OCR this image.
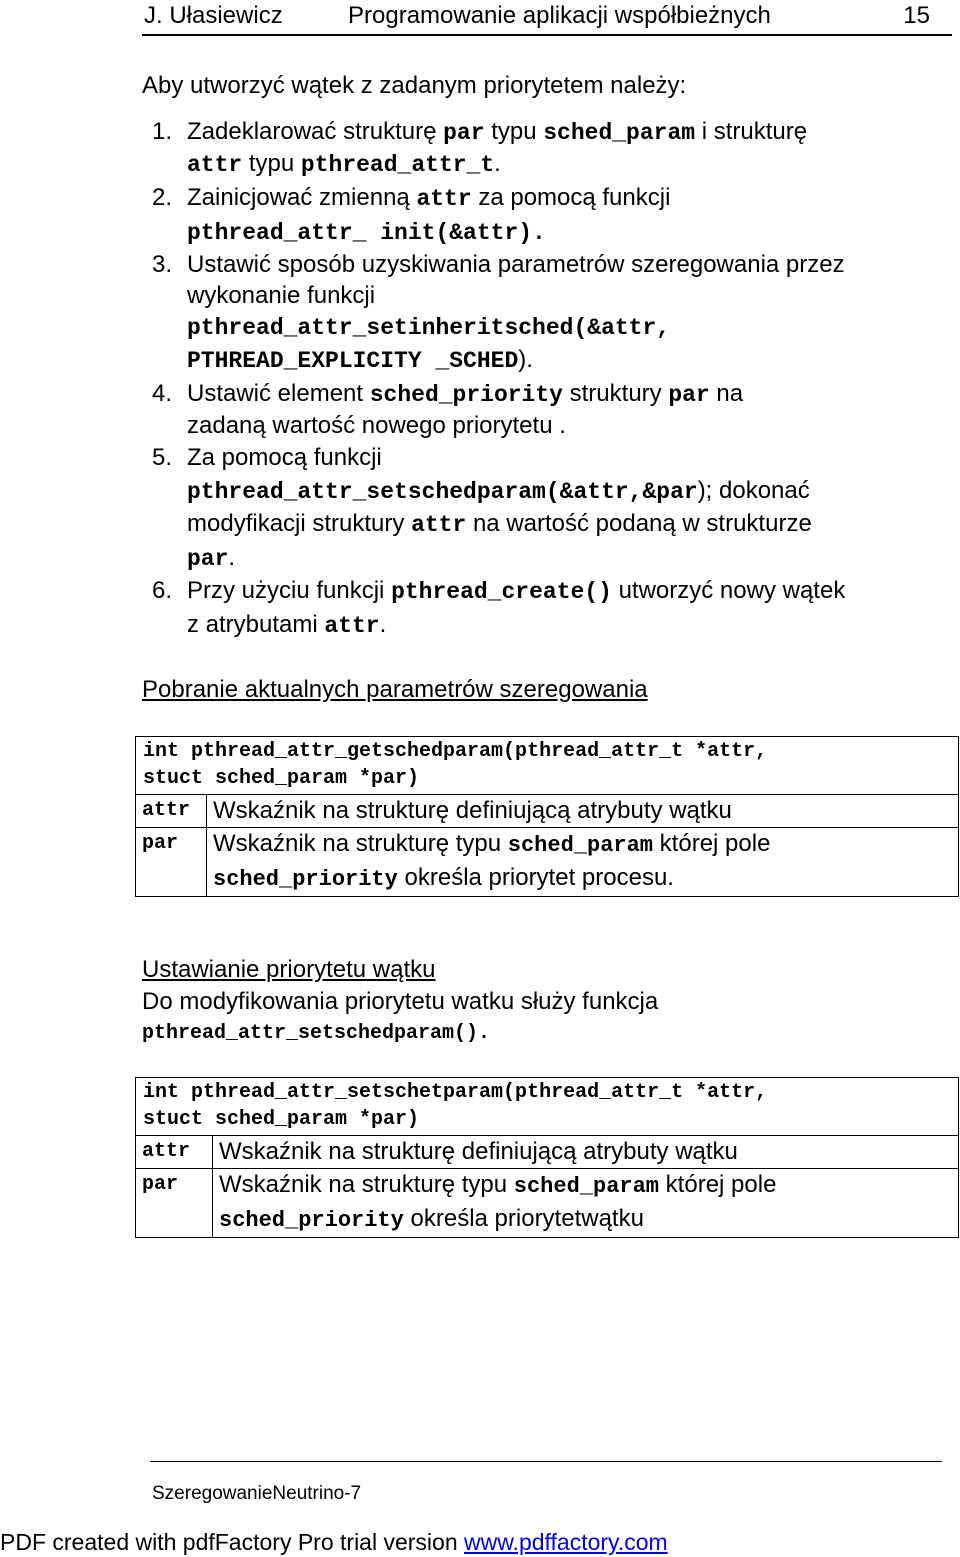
J. Ułasiewicz	Programowanie aplikacji współbieżnych	15
Aby utworzyć wątek z zadanym priorytetem należy:
1. Zadeklarować strukturę par typu sched_param i strukturę
attr typu pthread_attr_t.
2. Zainicjować zmienną attr za pomocą funkcji
pthread_attr_ init(&attr).
3. Ustawić sposób uzyskiwania parametrów szeregowania przez
wykonanie funkcji
pthread_attr_setinheritsched(&attr,
PTHREAD_EXPLICITY _SCHED).
4. Ustawić element sched_priority struktury par na
zadaną wartość nowego priorytetu .
5. Za pomocą funkcji
pthread_attr_setschedparam(&attr,&par); dokonać
modyfikacji struktury attr na wartość podaną w strukturze
par.
6. Przy użyciu funkcji pthread_create() utworzyć nowy wątek
z atrybutami attr.
Pobranie aktualnych parametrów szeregowania
int pthread_attr_getschedparam(pthread_attr_t *attr,
stuct sched_param *par)	

attr	Wskaźnik na strukturę definiującą atrybuty wątku
par	Wskaźnik na strukturę typu sched_param której pole
sched_priority określa priorytet procesu.
Ustawianie priorytetu wątku
Do modyfikowania priorytetu watku służy funkcja
pthread_attr_setschedparam().
int pthread_attr_setschetparam(pthread_attr_t *attr,
stuct sched_param *par)	

attr	Wskaźnik na strukturę definiującą atrybuty wątku
par	Wskaźnik na strukturę typu sched_param której pole
sched_priority określa priorytetwątku
SzeregowanieNeutrino-7
PDF created with pdfFactory Pro trial version www.pdffactory.com
